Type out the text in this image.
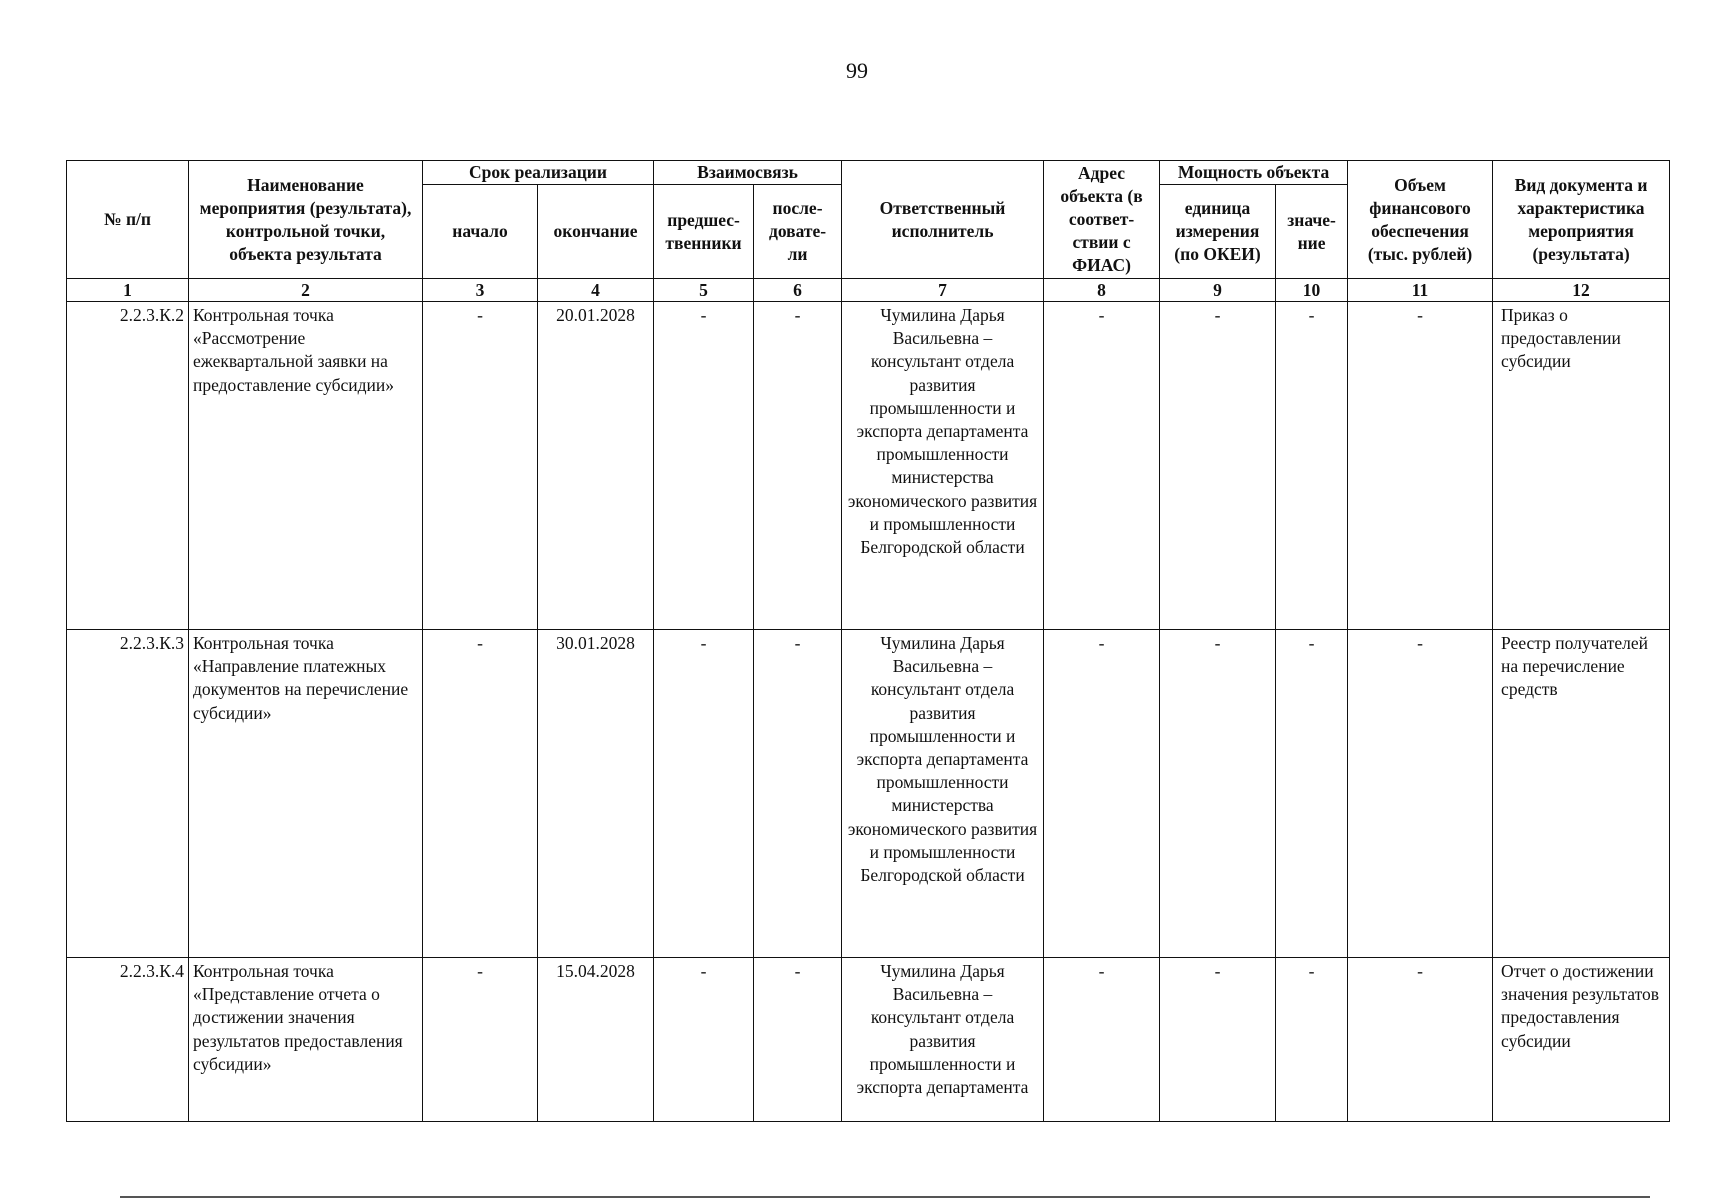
99
№ п/п	Наименование мероприятия (результата), контрольной точки, объекта результата	Срок реализации		Взаимосвязь		Ответственный исполнитель	Адрес объекта (в соответ- ствии с ФИАС)	Мощность объекта		Объем финансового обеспечения (тыс. рублей)	Вид документа и характеристика мероприятия (результата)
		начало	окончание	предшес- твенники	после- довате- ли			единица измерения (по ОКЕИ)	значе- ние		
1	2	3	4	5	6	7	8	9	10	11	12
2.2.3.К.2	Контрольная точка «Рассмотрение ежеквартальной заявки на предоставление субсидии»	-	20.01.2028	-	-	Чумилина Дарья Васильевна – консультант отдела развития промышленности и экспорта департамента промышленности министерства экономического развития и промышленности Белгородской области	-	-	-	-	Приказ о предоставлении субсидии
2.2.3.К.3	Контрольная точка «Направление платежных документов на перечисление субсидии»	-	30.01.2028	-	-	Чумилина Дарья Васильевна – консультант отдела развития промышленности и экспорта департамента промышленности министерства экономического развития и промышленности Белгородской области	-	-	-	-	Реестр получателей на перечисление средств
2.2.3.К.4	Контрольная точка «Представление отчета о достижении значения результатов предоставления субсидии»	-	15.04.2028	-	-	Чумилина Дарья Васильевна – консультант отдела развития промышленности и экспорта департамента	-	-	-	-	Отчет о достижении значения результатов предоставления субсидии
